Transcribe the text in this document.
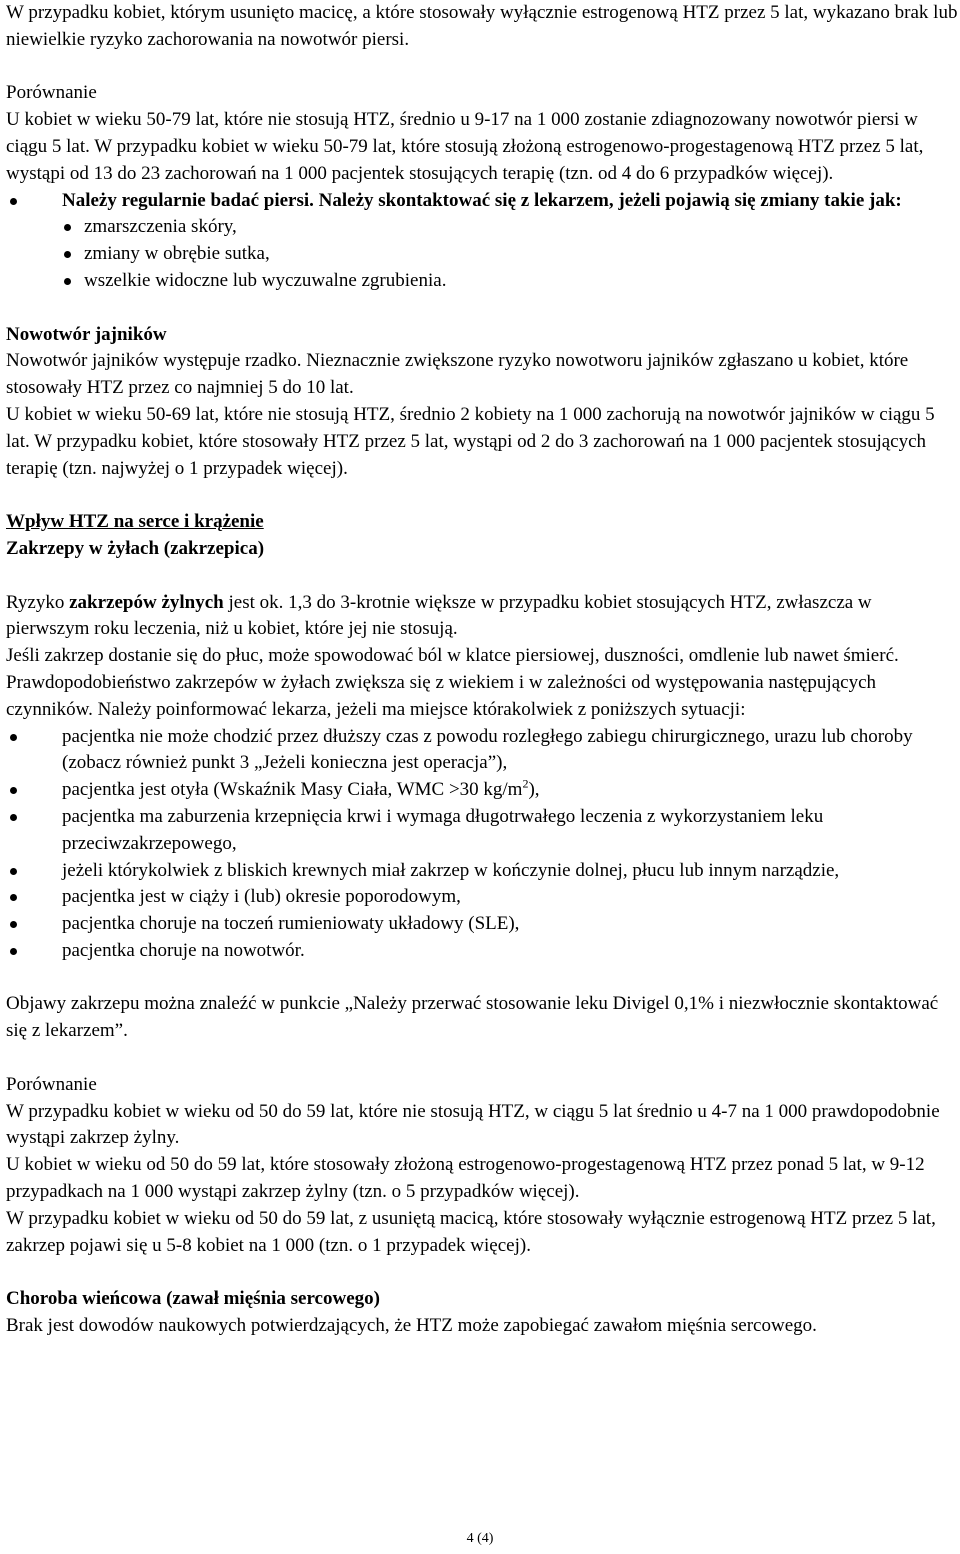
W przypadku kobiet, którym usunięto macicę, a które stosowały wyłącznie estrogenową HTZ przez 5 lat, wykazano brak lub niewielkie ryzyko zachorowania na nowotwór piersi.

Porównanie

U kobiet w wieku 50-79 lat, które nie stosują HTZ, średnio u 9-17 na 1 000 zostanie zdiagnozowany nowotwór piersi w ciągu 5 lat. W przypadku kobiet w wieku 50-79 lat, które stosują złożoną estrogenowo-progestagenową HTZ przez 5 lat, wystąpi od 13 do 23 zachorowań na 1 000 pacjentek stosujących terapię (tzn. od 4 do 6 przypadków więcej).

Należy regularnie badać piersi. Należy skontaktować się z lekarzem, jeżeli pojawią się zmiany takie jak:
zmarszczenia skóry,
zmiany w obrębie sutka,
wszelkie widoczne lub wyczuwalne zgrubienia.

Nowotwór jajników

Nowotwór jajników występuje rzadko. Nieznacznie zwiększone ryzyko nowotworu jajników zgłaszano u kobiet, które stosowały HTZ przez co najmniej 5 do 10 lat.

U kobiet w wieku 50-69 lat, które nie stosują HTZ, średnio 2 kobiety na 1 000 zachorują na nowotwór jajników w ciągu 5 lat. W przypadku kobiet, które stosowały HTZ przez 5 lat, wystąpi od 2 do 3 zachorowań na 1 000 pacjentek stosujących terapię (tzn. najwyżej o 1 przypadek więcej).

Wpływ HTZ na serce i krążenie

Zakrzepy w żyłach (zakrzepica)

Ryzyko zakrzepów żylnych jest ok. 1,3 do 3-krotnie większe w przypadku kobiet stosujących HTZ, zwłaszcza w pierwszym roku leczenia, niż u kobiet, które jej nie stosują.

Jeśli zakrzep dostanie się do płuc, może spowodować ból w klatce piersiowej, duszności, omdlenie lub nawet śmierć.

Prawdopodobieństwo zakrzepów w żyłach zwiększa się z wiekiem i w zależności od występowania następujących czynników. Należy poinformować lekarza, jeżeli ma miejsce którakolwiek z poniższych sytuacji:

pacjentka nie może chodzić przez dłuższy czas z powodu rozległego zabiegu chirurgicznego, urazu lub choroby (zobacz również punkt 3 „Jeżeli konieczna jest operacja”),
pacjentka jest otyła (Wskaźnik Masy Ciała, WMC >30 $kg/m^2$),
pacjentka ma zaburzenia krzepnięcia krwi i wymaga długotrwałego leczenia z wykorzystaniem leku przeciwzakrzepowego,
jeżeli którykolwiek z bliskich krewnych miał zakrzep w kończynie dolnej, płucu lub innym narządzie,
pacjentka jest w ciąży i (lub) okresie poporodowym,
pacjentka choruje na toczeń rumieniowaty układowy (SLE),
pacjentka choruje na nowotwór.

Objawy zakrzepu można znaleźć w punkcie „Należy przerwać stosowanie leku Divigel 0,1% i niezwłocznie skontaktować się z lekarzem”.

Porównanie

W przypadku kobiet w wieku od 50 do 59 lat, które nie stosują HTZ, w ciągu 5 lat średnio u 4-7 na 1 000 prawdopodobnie wystąpi zakrzep żylny.

U kobiet w wieku od 50 do 59 lat, które stosowały złożoną estrogenowo-progestagenową HTZ przez ponad 5 lat, w 9-12 przypadkach na 1 000 wystąpi zakrzep żylny (tzn. o 5 przypadków więcej).

W przypadku kobiet w wieku od 50 do 59 lat, z usuniętą macicą, które stosowały wyłącznie estrogenową HTZ przez 5 lat, zakrzep pojawi się u 5-8 kobiet na 1 000 (tzn. o 1 przypadek więcej).

Choroba wieńcowa (zawał mięśnia sercowego)

Brak jest dowodów naukowych potwierdzających, że HTZ może zapobiegać zawałom mięśnia sercowego.

4 (4)
